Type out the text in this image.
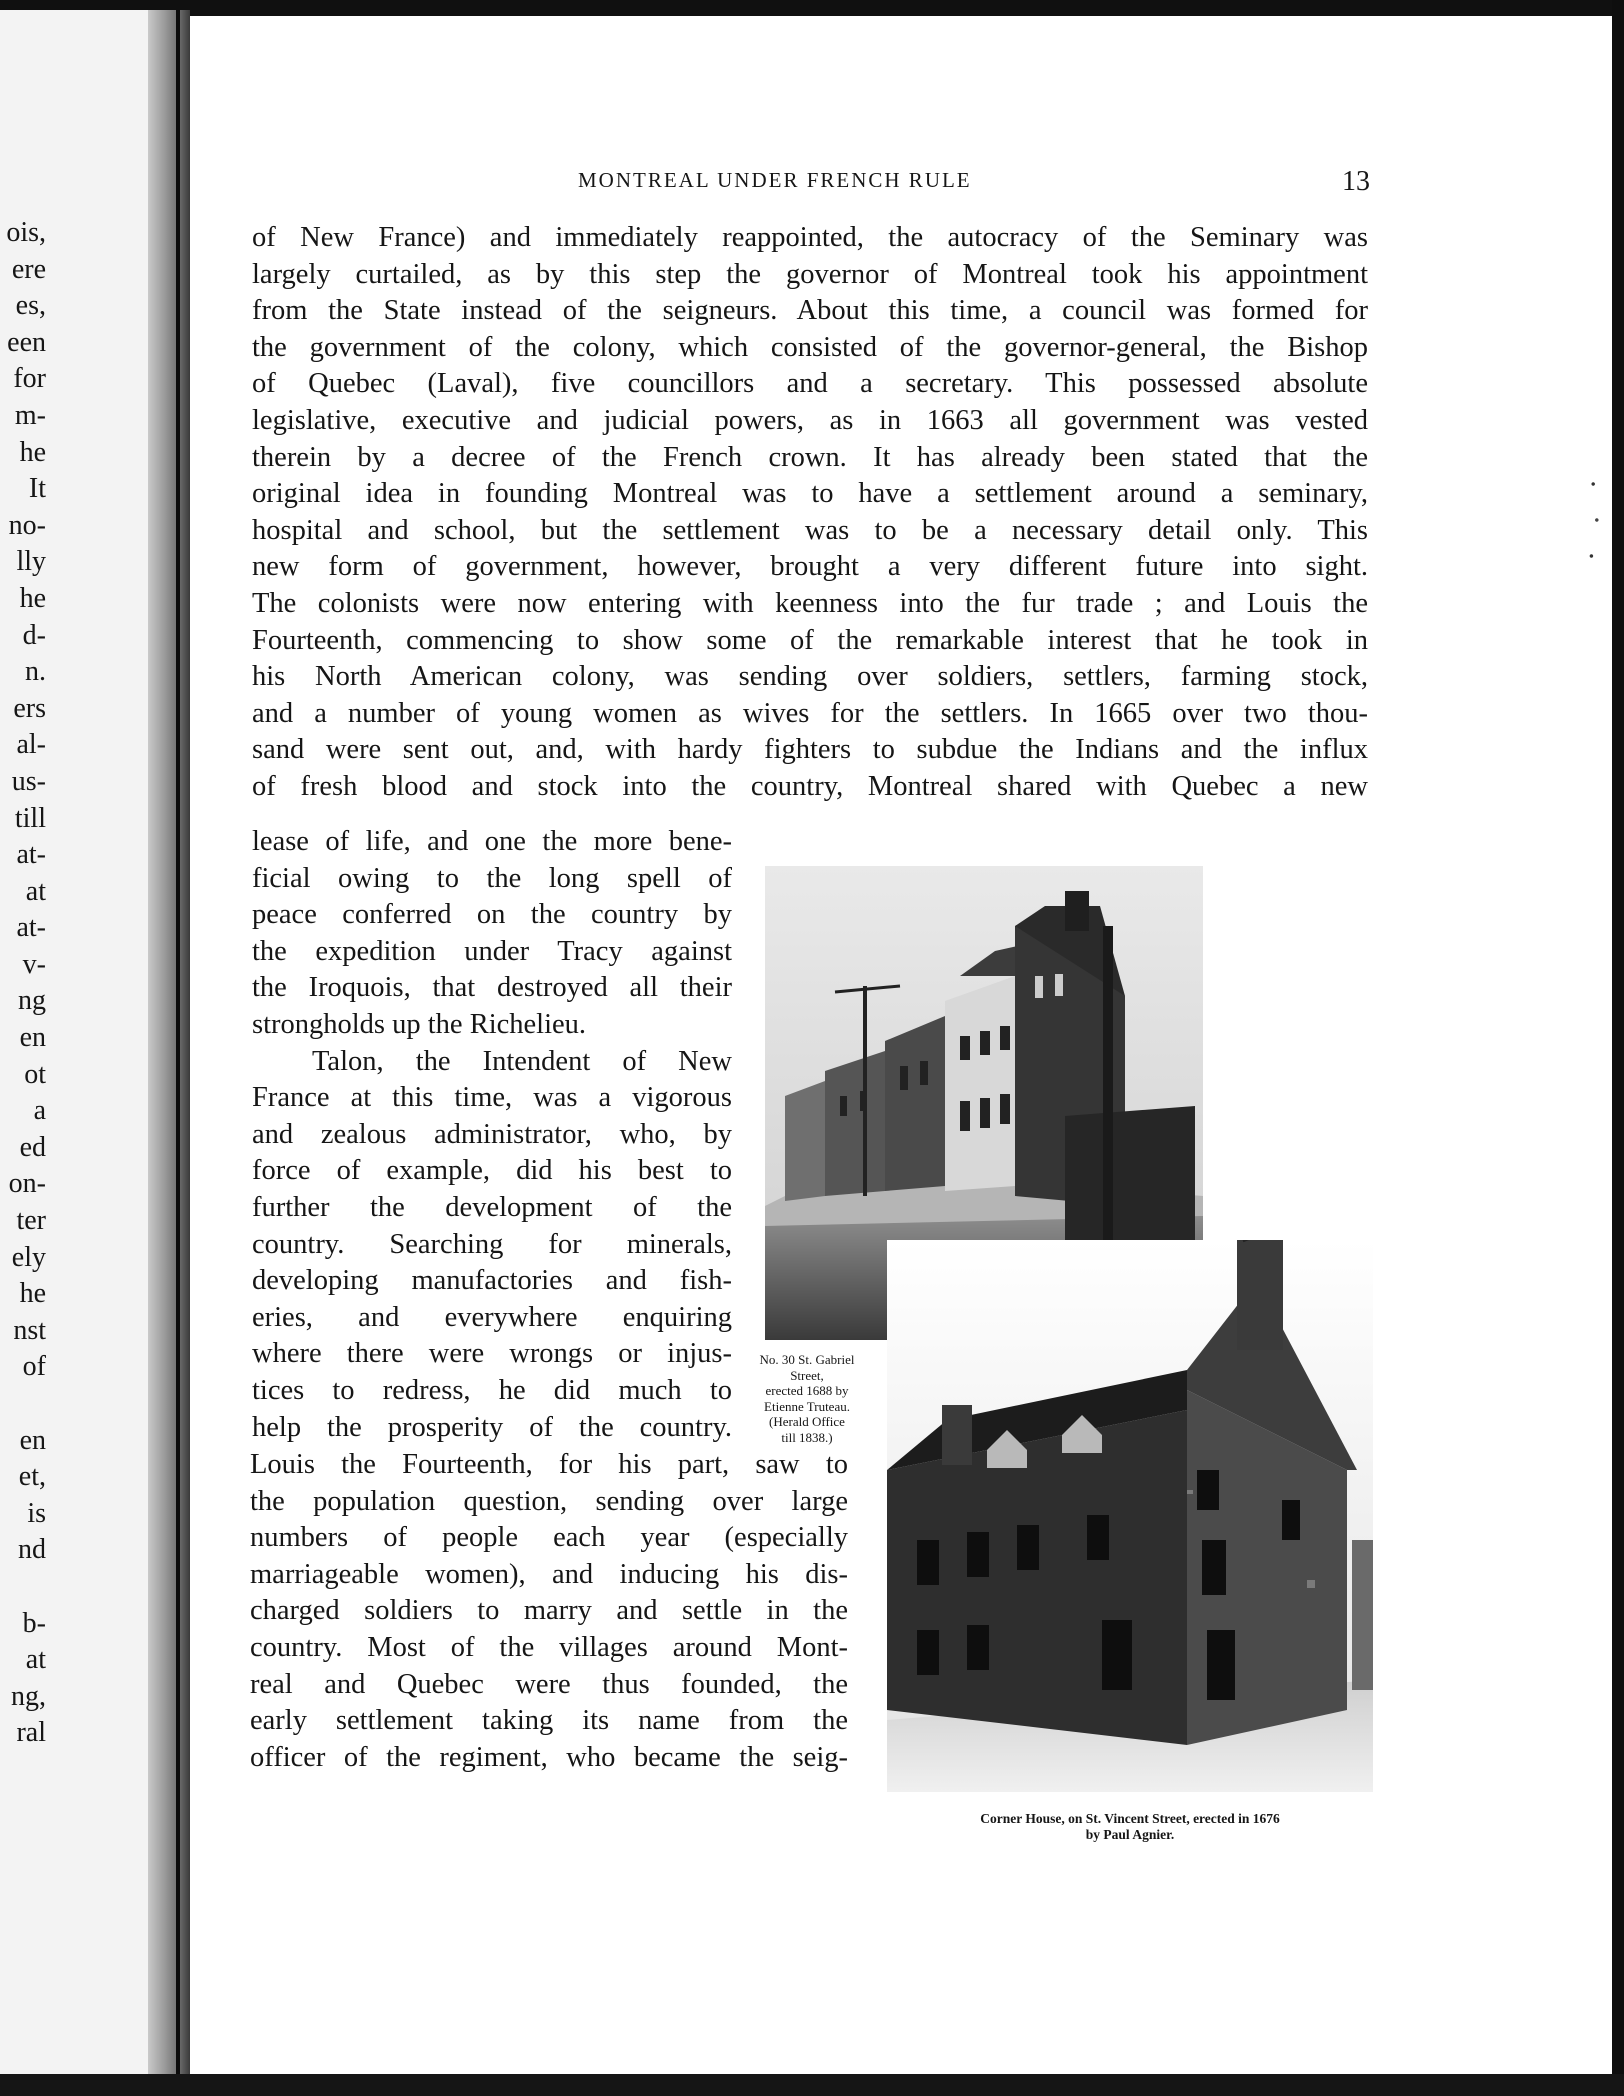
ois,
ere
es,
een
for
m-
he
It
no-
lly
he
d-
n.
ers
al-
us-
till
at-
at
at-
v-
ng
en
ot
a
ed
on-
ter
ely
he
nst
of
en
et,
is
nd
b-
at
ng,
ral
MONTREAL UNDER FRENCH RULE	13
of New France) and immediately reappointed, the autocracy of the Seminary was
largely curtailed, as by this step the governor of Montreal took his appointment
from the State instead of the seigneurs. About this time, a council was formed for
the government of the colony, which consisted of the governor-general, the Bishop
of Quebec (Laval), five councillors and a secretary. This possessed absolute
legislative, executive and judicial powers, as in 1663 all government was vested
therein by a decree of the French crown. It has already been stated that the
original idea in founding Montreal was to have a settlement around a seminary,
hospital and school, but the settlement was to be a necessary detail only. This
new form of government, however, brought a very different future into sight.
The colonists were now entering with keenness into the fur trade ; and Louis the
Fourteenth, commencing to show some of the remarkable interest that he took in
his North American colony, was sending over soldiers, settlers, farming stock,
and a number of young women as wives for the settlers. In 1665 over two thou-
sand were sent out, and, with hardy fighters to subdue the Indians and the influx
of fresh blood and stock into the country, Montreal shared with Quebec a new
lease of life, and one the more bene-
ficial owing to the long spell of
peace conferred on the country by
the expedition under Tracy against
the Iroquois, that destroyed all their
strongholds up the Richelieu.
Talon, the Intendent of New
France at this time, was a vigorous
and zealous administrator, who, by
force of example, did his best to
further the development of the
country. Searching for minerals,
developing manufactories and fish-
eries, and everywhere enquiring
where there were wrongs or injus-
tices to redress, he did much to
help the prosperity of the country.
Louis the Fourteenth, for his part, saw to
the population question, sending over large
numbers of people each year (especially
marriageable women), and inducing his dis-
charged soldiers to marry and settle in the
country. Most of the villages around Mont-
real and Quebec were thus founded, the
early settlement taking its name from the
officer of the regiment, who became the seig-
No. 30 St. Gabriel
Street,
erected 1688 by
Etienne Truteau.
(Herald Office
till 1838.)
Corner House, on St. Vincent Street, erected in 1676
by Paul Agnier.
